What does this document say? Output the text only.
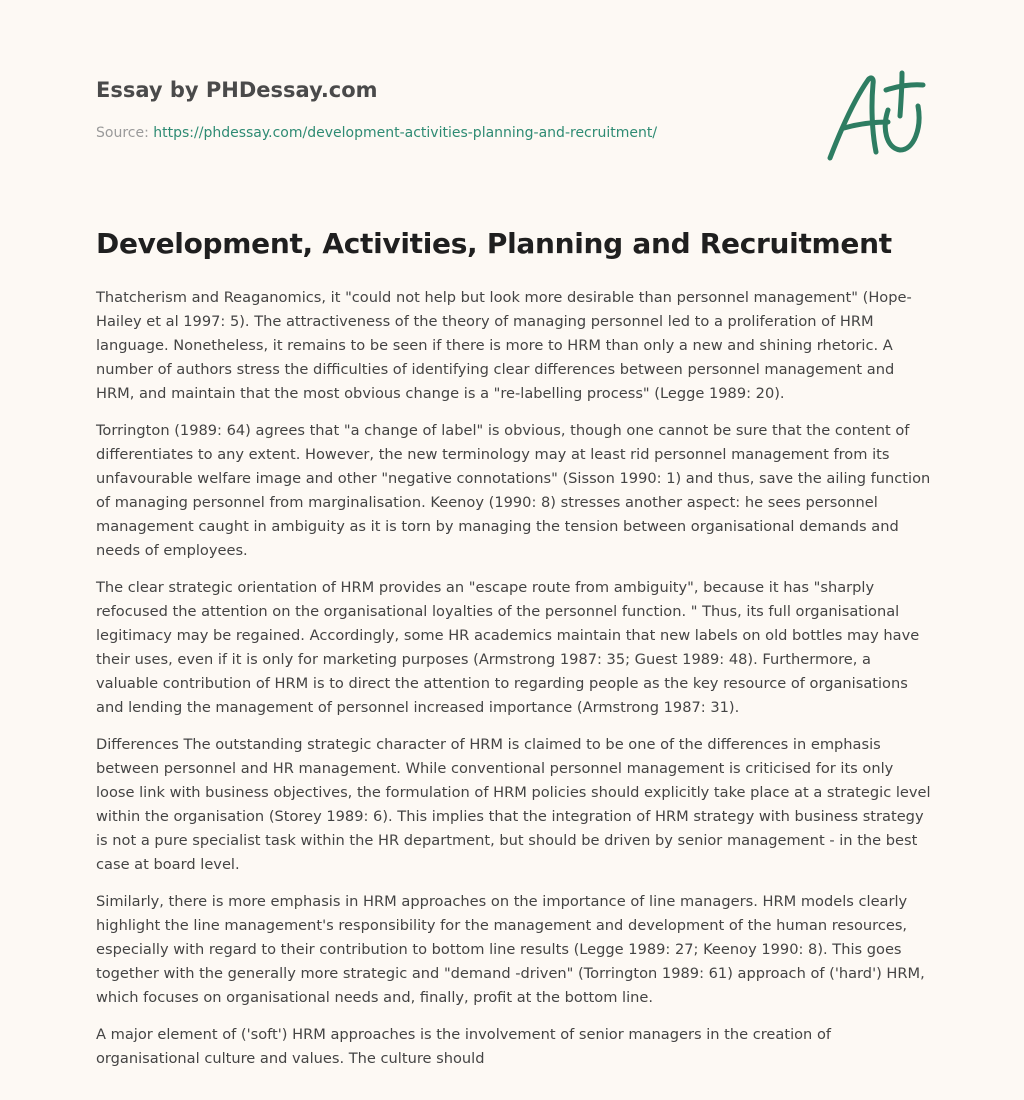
Essay by PHDessay.com
Source: https://phdessay.com/development-activities-planning-and-recruitment/
Development, Activities, Planning and Recruitment

Thatcherism and Reaganomics, it "could not help but look more desirable than personnel management" (Hope-Hailey et al 1997: 5). The attractiveness of the theory of managing personnel led to a proliferation of HRM language. Nonetheless, it remains to be seen if there is more to HRM than only a new and shining rhetoric. A number of authors stress the difficulties of identifying clear differences between personnel management and HRM, and maintain that the most obvious change is a "re-labelling process" (Legge 1989: 20).

Torrington (1989: 64) agrees that "a change of label" is obvious, though one cannot be sure that the content of differentiates to any extent. However, the new terminology may at least rid personnel management from its unfavourable welfare image and other "negative connotations" (Sisson 1990: 1) and thus, save the ailing function of managing personnel from marginalisation. Keenoy (1990: 8) stresses another aspect: he sees personnel management caught in ambiguity as it is torn by managing the tension between organisational demands and needs of employees.

The clear strategic orientation of HRM provides an "escape route from ambiguity", because it has "sharply refocused the attention on the organisational loyalties of the personnel function. " Thus, its full organisational legitimacy may be regained. Accordingly, some HR academics maintain that new labels on old bottles may have their uses, even if it is only for marketing purposes (Armstrong 1987: 35; Guest 1989: 48). Furthermore, a valuable contribution of HRM is to direct the attention to regarding people as the key resource of organisations and lending the management of personnel increased importance (Armstrong 1987: 31).

Differences The outstanding strategic character of HRM is claimed to be one of the differences in emphasis between personnel and HR management. While conventional personnel management is criticised for its only loose link with business objectives, the formulation of HRM policies should explicitly take place at a strategic level within the organisation (Storey 1989: 6). This implies that the integration of HRM strategy with business strategy is not a pure specialist task within the HR department, but should be driven by senior management - in the best case at board level.

Similarly, there is more emphasis in HRM approaches on the importance of line managers. HRM models clearly highlight the line management's responsibility for the management and development of the human resources, especially with regard to their contribution to bottom line results (Legge 1989: 27; Keenoy 1990: 8). This goes together with the generally more strategic and "demand -driven" (Torrington 1989: 61) approach of ('hard') HRM, which focuses on organisational needs and, finally, profit at the bottom line.

A major element of ('soft') HRM approaches is the involvement of senior managers in the creation of organisational culture and values. The culture should
